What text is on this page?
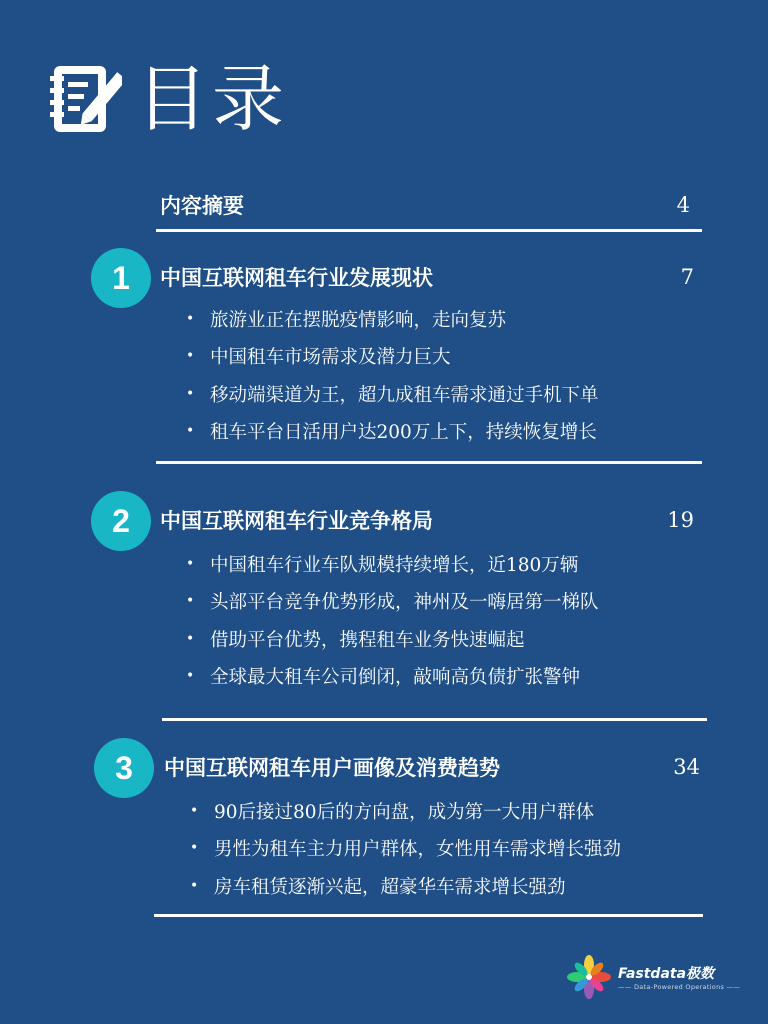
目录
内容摘要	4
1	中国互联网租车行业发展现状	7
• 旅游业正在摆脱疫情影响，走向复苏
• 中国租车市场需求及潜力巨大
• 移动端渠道为王，超九成租车需求通过手机下单
• 租车平台日活用户达200万上下，持续恢复增长
2	中国互联网租车行业竞争格局	19
• 中国租车行业车队规模持续增长，近180万辆
• 头部平台竞争优势形成，神州及一嗨居第一梯队
• 借助平台优势，携程租车业务快速崛起
• 全球最大租车公司倒闭，敲响高负债扩张警钟
3	中国互联网租车用户画像及消费趋势	34
• 90后接过80后的方向盘，成为第一大用户群体
• 男性为租车主力用户群体，女性用车需求增长强劲
• 房车租赁逐渐兴起，超豪华车需求增长强劲
Fastdata极数
—— Data-Powered Operations ——
